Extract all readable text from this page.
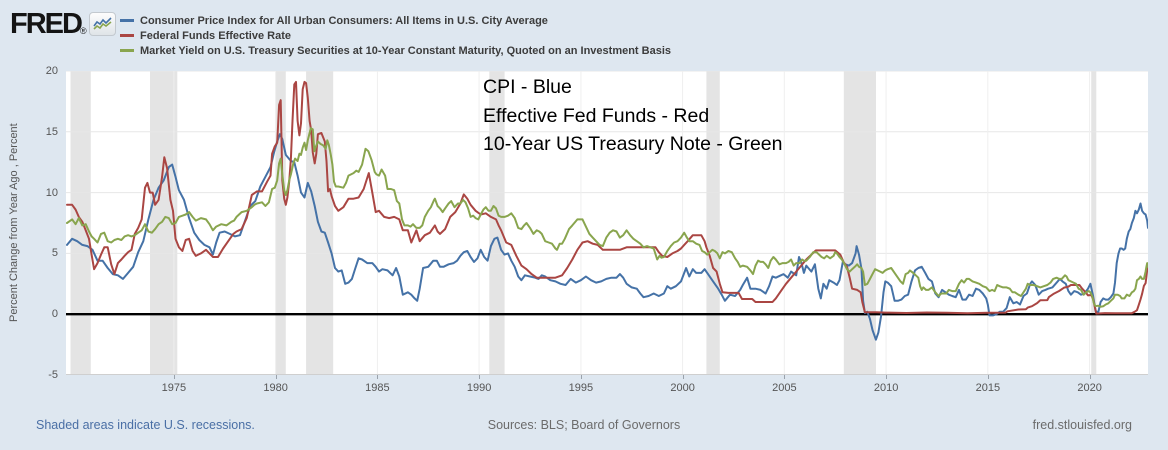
FRED ®
Consumer Price Index for All Urban Consumers: All Items in U.S. City Average
Federal Funds Effective Rate
Market Yield on U.S. Treasury Securities at 10-Year Constant Maturity, Quoted on an Investment Basis
Percent Change from Year Ago , Percent
-5
0
5
10
15
20
1975	1980	1985	1990	1995	2000	2005	2010	2015	2020
CPI - Blue
Effective Fed Funds - Red
10-Year US Treasury Note - Green
Shaded areas indicate U.S. recessions.	Sources: BLS; Board of Governors	fred.stlouisfed.org
